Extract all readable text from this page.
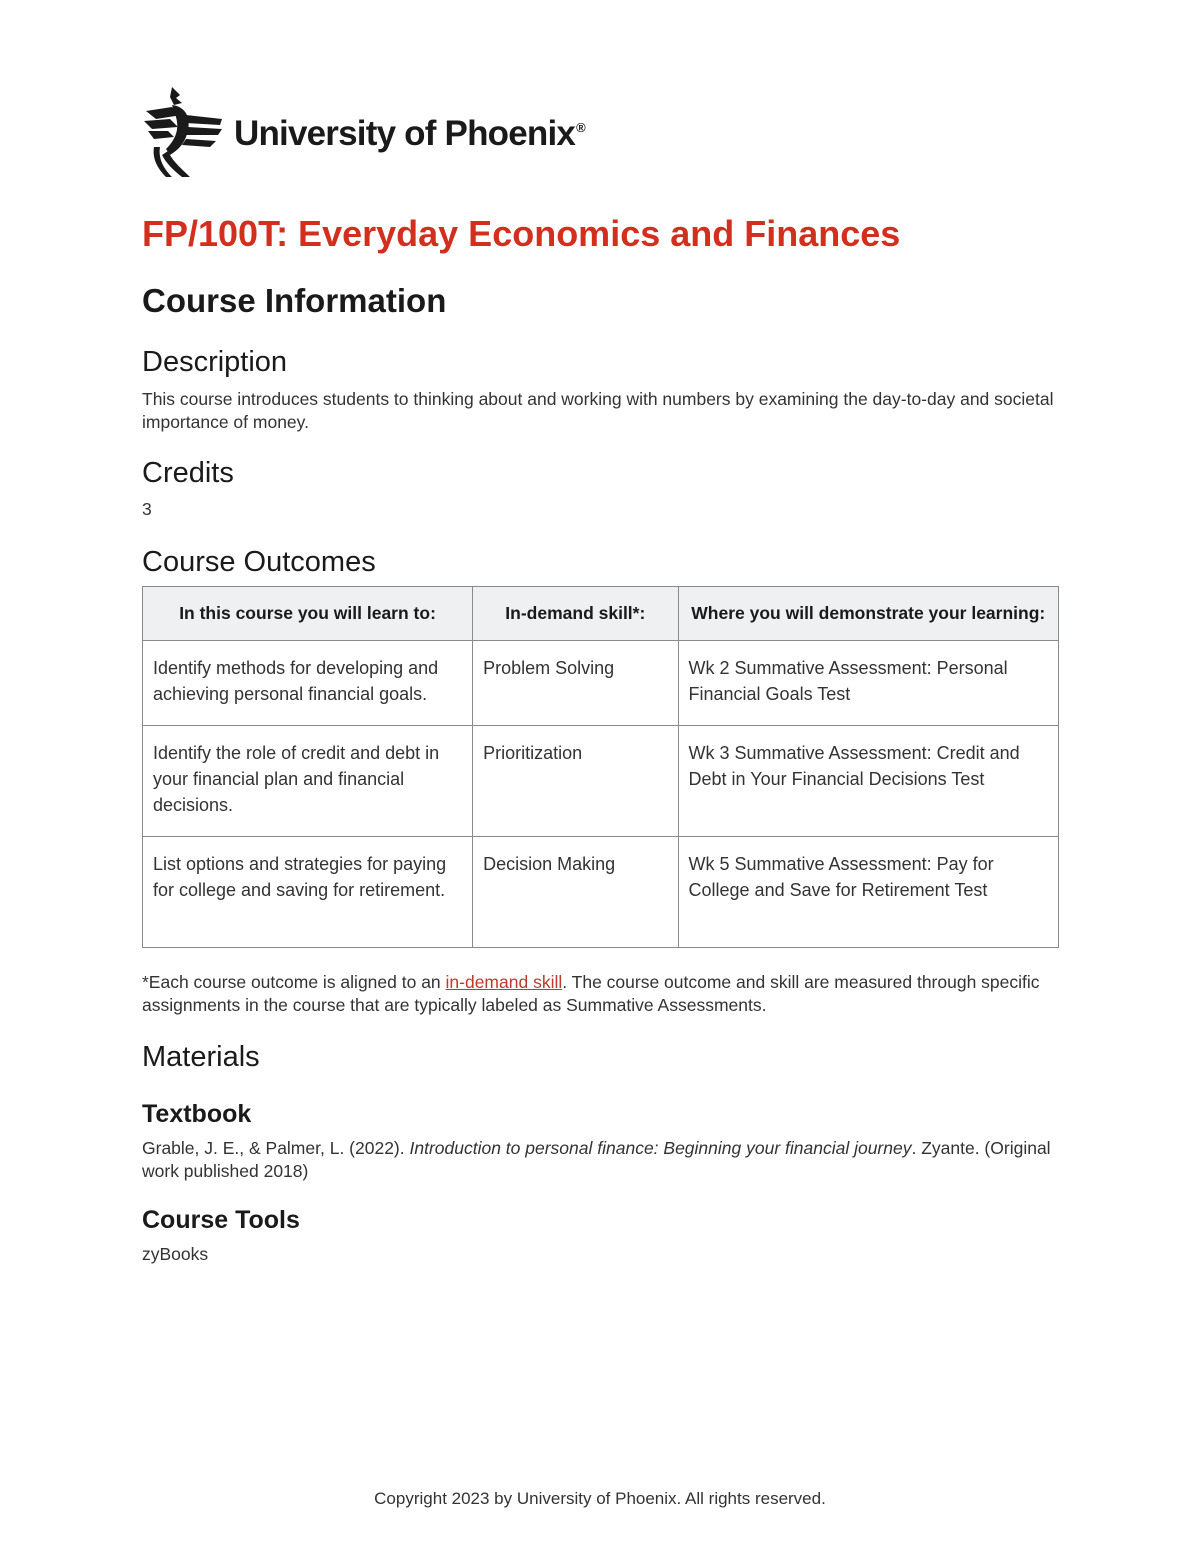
University of Phoenix®
FP/100T: Everyday Economics and Finances
Course Information
Description

This course introduces students to thinking about and working with numbers by examining the day-to-day and societal importance of money.

Credits

3

Course Outcomes
In this course you will learn to:	In-demand skill*:	Where you will demonstrate your learning:
Identify methods for developing and achieving personal financial goals.	Problem Solving	Wk 2 Summative Assessment: Personal Financial Goals Test
Identify the role of credit and debt in your financial plan and financial decisions.	Prioritization	Wk 3 Summative Assessment: Credit and Debt in Your Financial Decisions Test
List options and strategies for paying for college and saving for retirement.	Decision Making	Wk 5 Summative Assessment: Pay for College and Save for Retirement Test

*Each course outcome is aligned to an in-demand skill. The course outcome and skill are measured through specific assignments in the course that are typically labeled as Summative Assessments.

Materials
Textbook

Grable, J. E., & Palmer, L. (2022). Introduction to personal finance: Beginning your financial journey. Zyante. (Original work published 2018)

Course Tools

zyBooks

Copyright 2023 by University of Phoenix. All rights reserved.
